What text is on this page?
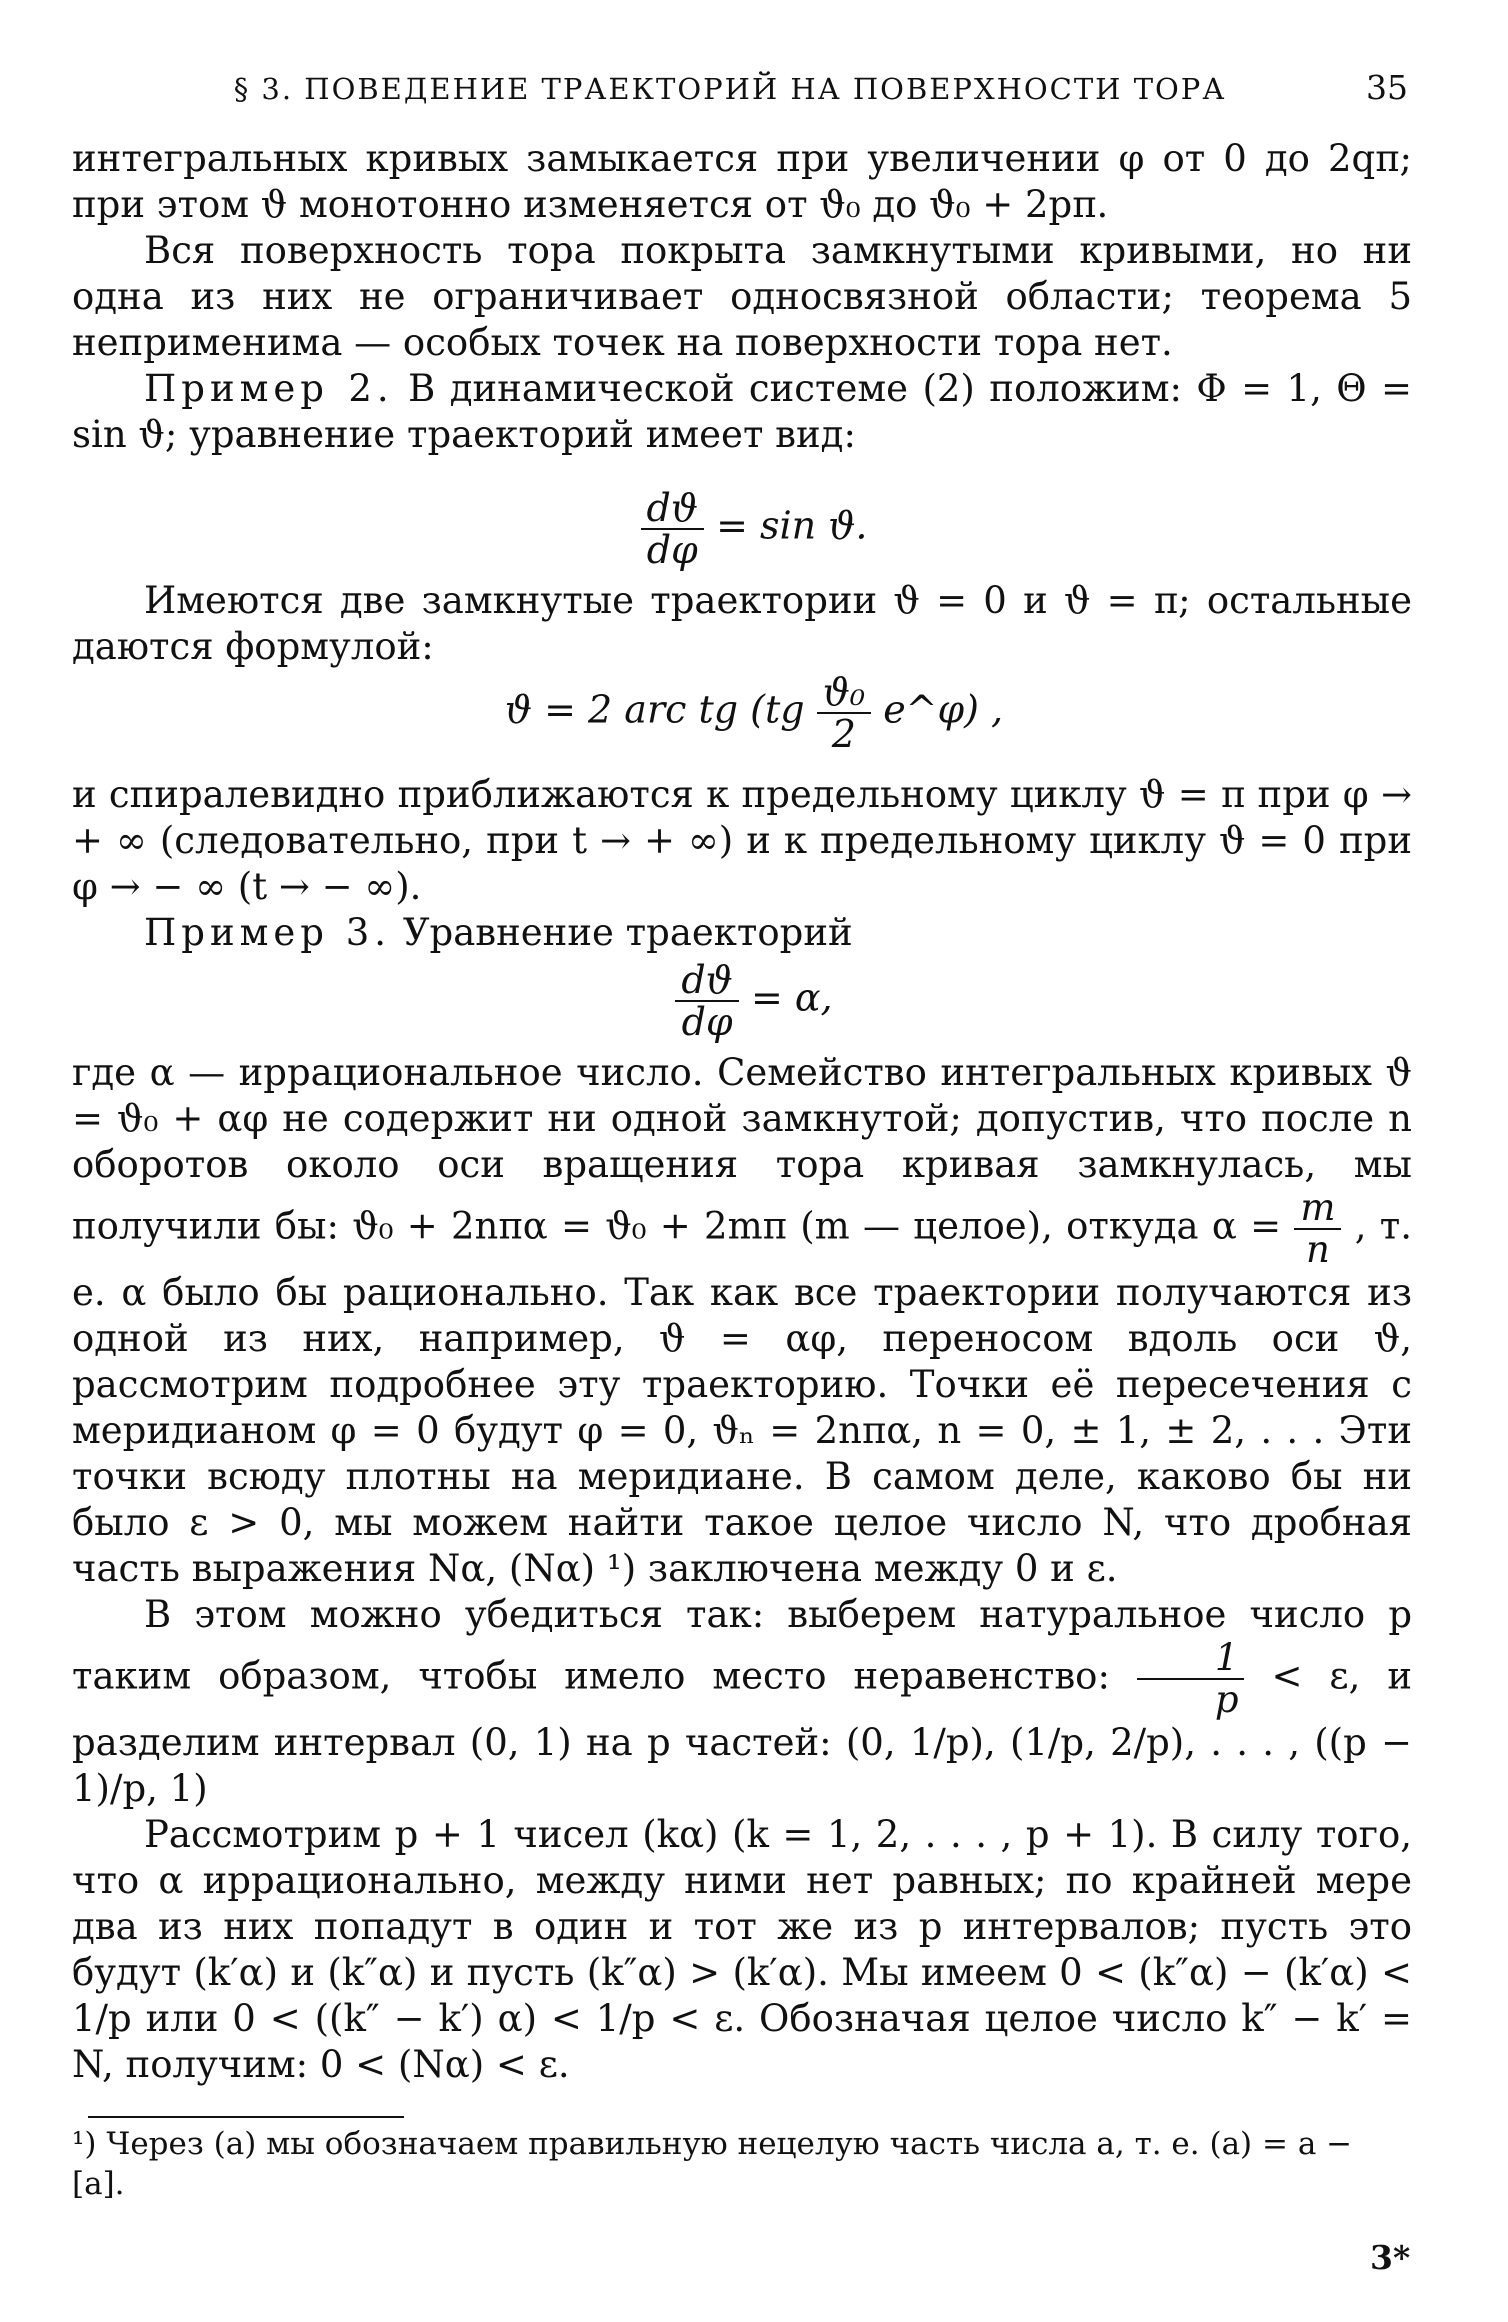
§ 3. ПОВЕДЕНИЕ ТРАЕКТОРИЙ НА ПОВЕРХНОСТИ ТОРА	35

интегральных кривых замыкается при увеличении φ от 0 до 2qπ; при этом ϑ монотонно изменяется от ϑ₀ до ϑ₀ + 2pπ.

Вся поверхность тора покрыта замкнутыми кривыми, но ни одна из них не ограничивает односвязной области; теорема 5 неприменима — особых точек на поверхности тора нет.

Пример 2. В динамической системе (2) положим: Φ = 1, Θ = sin ϑ; уравнение траекторий имеет вид:

$\frac{dϑ}{d\varphi} = \sin ϑ$.

Имеются две замкнутые траектории ϑ = 0 и ϑ = π; остальные даются формулой:

ϑ = 2 arc tg ($tg \frac{\text{ϑ₀}}{2}$ e^φ) ,

и спиралевидно приближаются к предельному циклу ϑ = π при φ → + ∞ (следовательно, при t → + ∞) и к предельному циклу ϑ = 0 при φ → − ∞ (t → − ∞).

Пример 3. Уравнение траекторий

$\frac{dϑ}{d\varphi} = \alpha$,

где α — иррациональное число. Семейство интегральных кривых ϑ = ϑ₀ + αφ не содержит ни одной замкнутой; допустив, что после n оборотов около оси вращения тора кривая замкнулась, мы получили бы: ϑ₀ + 2nπα = ϑ₀ + 2mπ (m — целое), откуда $\alpha = \frac{m}{n}$ , т. е. α было бы рационально. Так как все траектории получаются из одной из них, например, ϑ = αφ, переносом вдоль оси ϑ, рассмотрим подробнее эту траекторию. Точки её пересечения с меридианом φ = 0 будут φ = 0, ϑₙ = 2nπα, n = 0, ± 1, ± 2, . . . Эти точки всюду плотны на меридиане. В самом деле, каково бы ни было ε > 0, мы можем найти такое целое число N, что дробная часть выражения Nα, (Nα) ¹) заключена между 0 и ε.

В этом можно убедиться так: выберем натуральное число p таким образом, чтобы имело место неравенство: $\frac{1}{p} < \varepsilon$, и разделим интервал (0, 1) на p частей: (0, 1/p), (1/p, 2/p), . . . , ((p − 1)/p, 1)

Рассмотрим p + 1 чисел (kα) (k = 1, 2, . . . , p + 1). В силу того, что α иррационально, между ними нет равных; по крайней мере два из них попадут в один и тот же из p интервалов; пусть это будут (k′α) и (k″α) и пусть (k″α) > (k′α). Мы имеем 0 < (k″α) − (k′α) < 1/p или 0 < ((k″ − k′) α) < 1/p < ε. Обозначая целое число k″ − k′ = N, получим: 0 < (Nα) < ε.

¹) Через (a) мы обозначаем правильную нецелую часть числа a, т. е. (a) = a − [a].
3*
